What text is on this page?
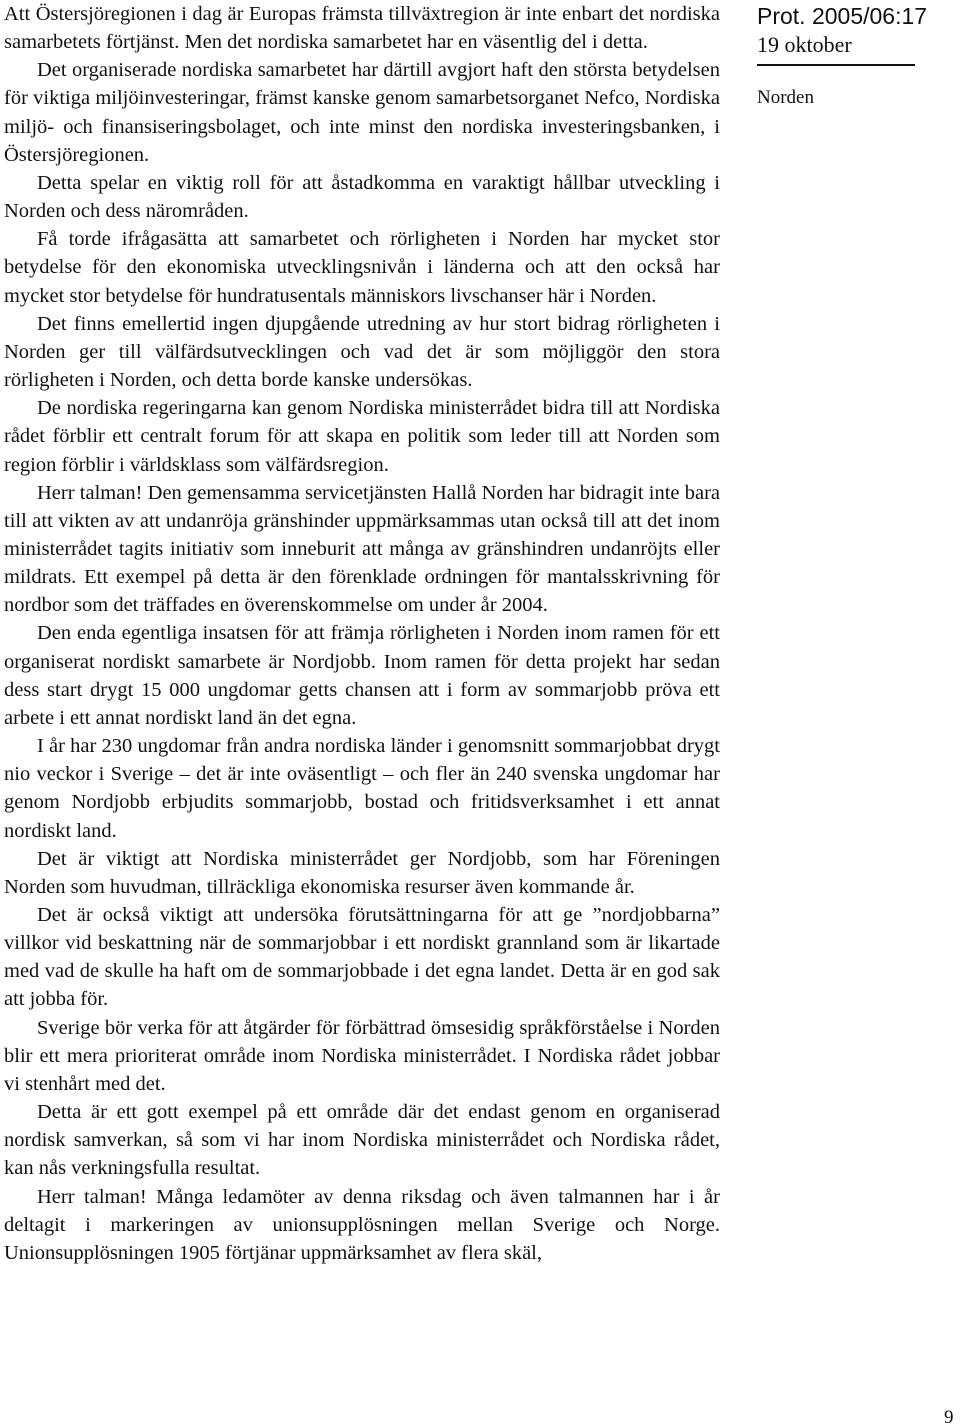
Att Östersjöregionen i dag är Europas främsta tillväxtregion är inte enbart det nordiska samarbetets förtjänst. Men det nordiska samarbetet har en väsentlig del i detta.

Det organiserade nordiska samarbetet har därtill avgjort haft den största betydelsen för viktiga miljöinvesteringar, främst kanske genom samarbetsorganet Nefco, Nordiska miljö- och finansiseringsbolaget, och inte minst den nordiska investeringsbanken, i Östersjöregionen.

Detta spelar en viktig roll för att åstadkomma en varaktigt hållbar utveckling i Norden och dess närområden.

Få torde ifrågasätta att samarbetet och rörligheten i Norden har mycket stor betydelse för den ekonomiska utvecklingsnivån i länderna och att den också har mycket stor betydelse för hundratusentals människors livschanser här i Norden.

Det finns emellertid ingen djupgående utredning av hur stort bidrag rörligheten i Norden ger till välfärdsutvecklingen och vad det är som möjliggör den stora rörligheten i Norden, och detta borde kanske undersökas.

De nordiska regeringarna kan genom Nordiska ministerrådet bidra till att Nordiska rådet förblir ett centralt forum för att skapa en politik som leder till att Norden som region förblir i världsklass som välfärdsregion.

Herr talman! Den gemensamma servicetjänsten Hallå Norden har bidragit inte bara till att vikten av att undanröja gränshinder uppmärksammas utan också till att det inom ministerrådet tagits initiativ som inneburit att många av gränshindren undanröjts eller mildrats. Ett exempel på detta är den förenklade ordningen för mantalsskrivning för nordbor som det träffades en överenskommelse om under år 2004.

Den enda egentliga insatsen för att främja rörligheten i Norden inom ramen för ett organiserat nordiskt samarbete är Nordjobb. Inom ramen för detta projekt har sedan dess start drygt 15 000 ungdomar getts chansen att i form av sommarjobb pröva ett arbete i ett annat nordiskt land än det egna.

I år har 230 ungdomar från andra nordiska länder i genomsnitt sommarjobbat drygt nio veckor i Sverige – det är inte oväsentligt – och fler än 240 svenska ungdomar har genom Nordjobb erbjudits sommarjobb, bostad och fritidsverksamhet i ett annat nordiskt land.

Det är viktigt att Nordiska ministerrådet ger Nordjobb, som har Föreningen Norden som huvudman, tillräckliga ekonomiska resurser även kommande år.

Det är också viktigt att undersöka förutsättningarna för att ge ”nordjobbarna” villkor vid beskattning när de sommarjobbar i ett nordiskt grannland som är likartade med vad de skulle ha haft om de sommarjobbade i det egna landet. Detta är en god sak att jobba för.

Sverige bör verka för att åtgärder för förbättrad ömsesidig språkförståelse i Norden blir ett mera prioriterat område inom Nordiska ministerrådet. I Nordiska rådet jobbar vi stenhårt med det.

Detta är ett gott exempel på ett område där det endast genom en organiserad nordisk samverkan, så som vi har inom Nordiska ministerrådet och Nordiska rådet, kan nås verkningsfulla resultat.

Herr talman! Många ledamöter av denna riksdag och även talmannen har i år deltagit i markeringen av unionsupplösningen mellan Sverige och Norge. Unionsupplösningen 1905 förtjänar uppmärksamhet av flera skäl,

Prot. 2005/06:17

19 oktober

Norden
9
